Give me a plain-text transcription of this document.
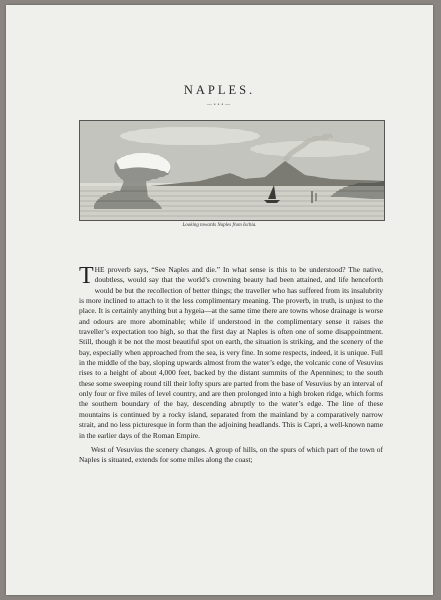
NAPLES.
—•••—
Looking towards Naples from Ischia.

THE proverb says, “See Naples and die.” In what sense is this to be understood? The native, doubtless, would say that the world’s crowning beauty had been attained, and life henceforth would be but the recollection of better things; the traveller who has suffered from its insalubrity is more inclined to attach to it the less complimentary meaning. The proverb, in truth, is unjust to the place. It is certainly anything but a hygeia—at the same time there are towns whose drainage is worse and odours are more abominable; while if understood in the complimentary sense it raises the traveller’s expectation too high, so that the first day at Naples is often one of some disappointment. Still, though it be not the most beautiful spot on earth, the situation is striking, and the scenery of the bay, especially when approached from the sea, is very fine. In some respects, indeed, it is unique. Full in the middle of the bay, sloping upwards almost from the water’s edge, the volcanic cone of Vesuvius rises to a height of about 4,000 feet, backed by the distant summits of the Apennines; to the south these some sweeping round till their lofty spurs are parted from the base of Vesuvius by an interval of only four or five miles of level country, and are then prolonged into a high broken ridge, which forms the southern boundary of the bay, descending abruptly to the water’s edge. The line of these mountains is continued by a rocky island, separated from the mainland by a comparatively narrow strait, and no less picturesque in form than the adjoining headlands. This is Capri, a well-known name in the earlier days of the Roman Empire.

West of Vesuvius the scenery changes. A group of hills, on the spurs of which part of the town of Naples is situated, extends for some miles along the coast;
